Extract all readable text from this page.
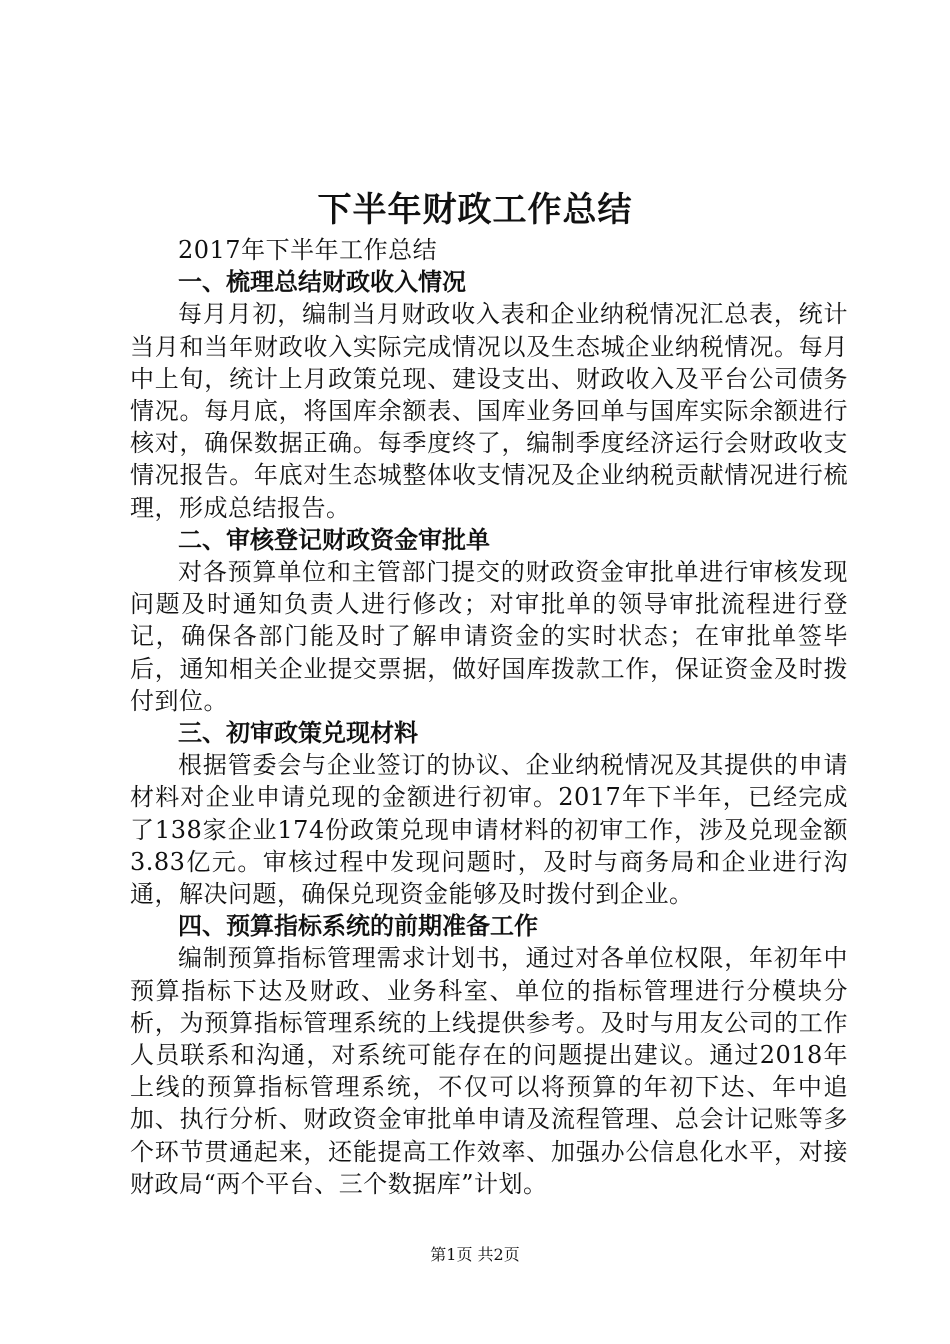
下半年财政工作总结

2017年下半年工作总结

一、梳理总结财政收入情况

每月月初，编制当月财政收入表和企业纳税情况汇总表，统计当月和当年财政收入实际完成情况以及生态城企业纳税情况。每月中上旬，统计上月政策兑现、建设支出、财政收入及平台公司债务情况。每月底，将国库余额表、国库业务回单与国库实际余额进行核对，确保数据正确。每季度终了，编制季度经济运行会财政收支情况报告。年底对生态城整体收支情况及企业纳税贡献情况进行梳理，形成总结报告。

二、审核登记财政资金审批单

对各预算单位和主管部门提交的财政资金审批单进行审核发现问题及时通知负责人进行修改；对审批单的领导审批流程进行登记，确保各部门能及时了解申请资金的实时状态；在审批单签毕后，通知相关企业提交票据，做好国库拨款工作，保证资金及时拨付到位。

三、初审政策兑现材料

根据管委会与企业签订的协议、企业纳税情况及其提供的申请材料对企业申请兑现的金额进行初审。2017年下半年，已经完成了138家企业174份政策兑现申请材料的初审工作，涉及兑现金额3.83亿元。审核过程中发现问题时，及时与商务局和企业进行沟通，解决问题，确保兑现资金能够及时拨付到企业。

四、预算指标系统的前期准备工作

编制预算指标管理需求计划书，通过对各单位权限，年初年中预算指标下达及财政、业务科室、单位的指标管理进行分模块分析，为预算指标管理系统的上线提供参考。及时与用友公司的工作人员联系和沟通，对系统可能存在的问题提出建议。通过2018年上线的预算指标管理系统，不仅可以将预算的年初下达、年中追加、执行分析、财政资金审批单申请及流程管理、总会计记账等多个环节贯通起来，还能提高工作效率、加强办公信息化水平，对接财政局“两个平台、三个数据库”计划。

第1页 共2页
